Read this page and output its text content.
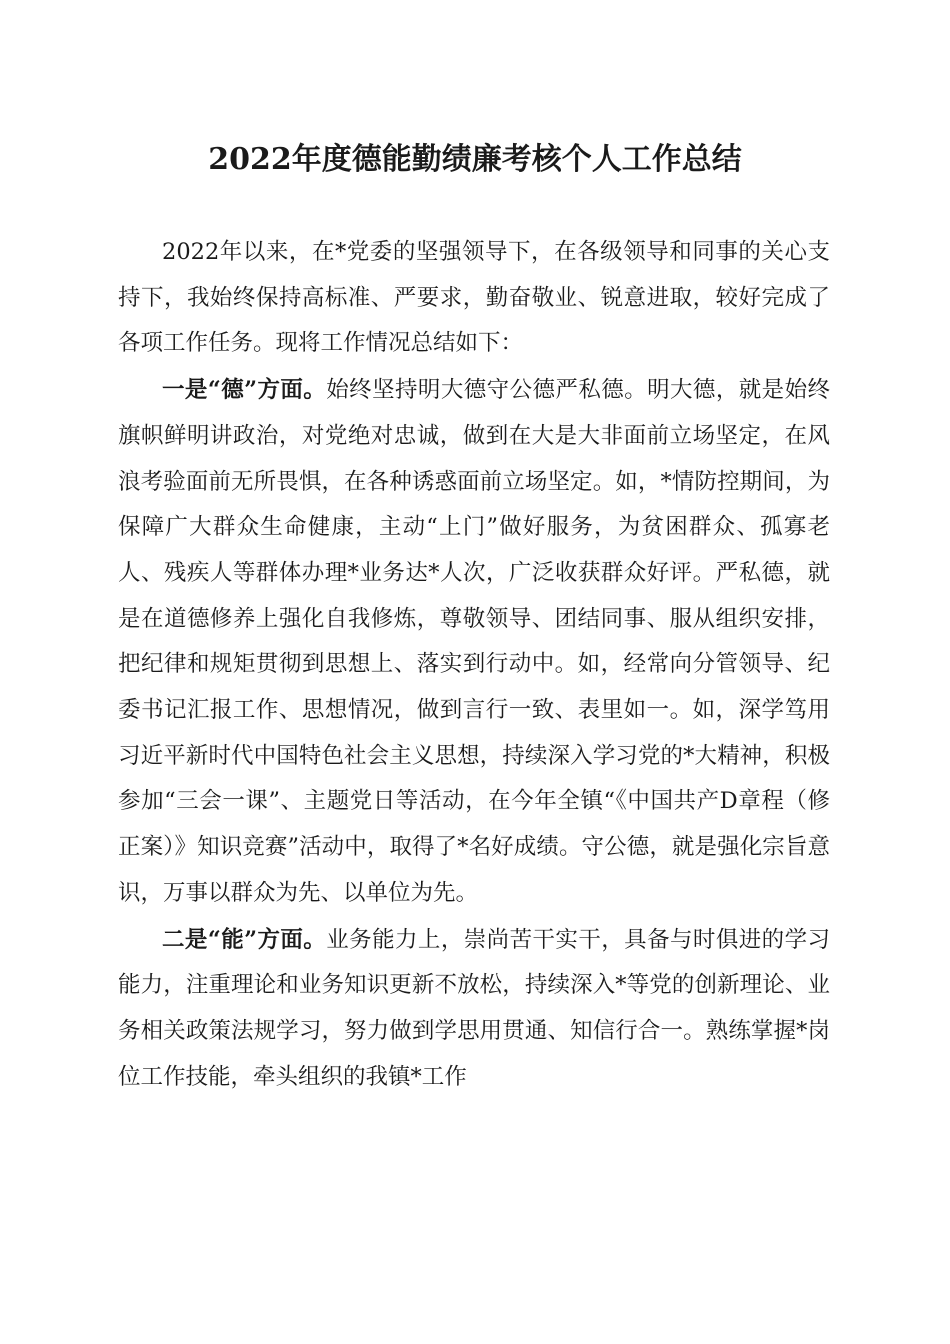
2022年度德能勤绩廉考核个人工作总结

2022年以来，在*党委的坚强领导下，在各级领导和同事的关心支持下，我始终保持高标准、严要求，勤奋敬业、锐意进取，较好完成了各项工作任务。现将工作情况总结如下：

一是“德”方面。始终坚持明大德守公德严私德。明大德，就是始终旗帜鲜明讲政治，对党绝对忠诚，做到在大是大非面前立场坚定，在风浪考验面前无所畏惧，在各种诱惑面前立场坚定。如，*情防控期间，为保障广大群众生命健康，主动“上门”做好服务，为贫困群众、孤寡老人、残疾人等群体办理*业务达*人次，广泛收获群众好评。严私德，就是在道德修养上强化自我修炼，尊敬领导、团结同事、服从组织安排，把纪律和规矩贯彻到思想上、落实到行动中。如，经常向分管领导、纪委书记汇报工作、思想情况，做到言行一致、表里如一。如，深学笃用习近平新时代中国特色社会主义思想，持续深入学习党的*大精神，积极参加“三会一课”、主题党日等活动，在今年全镇“《中国共产D章程（修正案）》知识竞赛”活动中，取得了*名好成绩。守公德，就是强化宗旨意识，万事以群众为先、以单位为先。

二是“能”方面。业务能力上，崇尚苦干实干，具备与时俱进的学习能力，注重理论和业务知识更新不放松，持续深入*等党的创新理论、业务相关政策法规学习，努力做到学思用贯通、知信行合一。熟练掌握*岗位工作技能，牵头组织的我镇*工作
